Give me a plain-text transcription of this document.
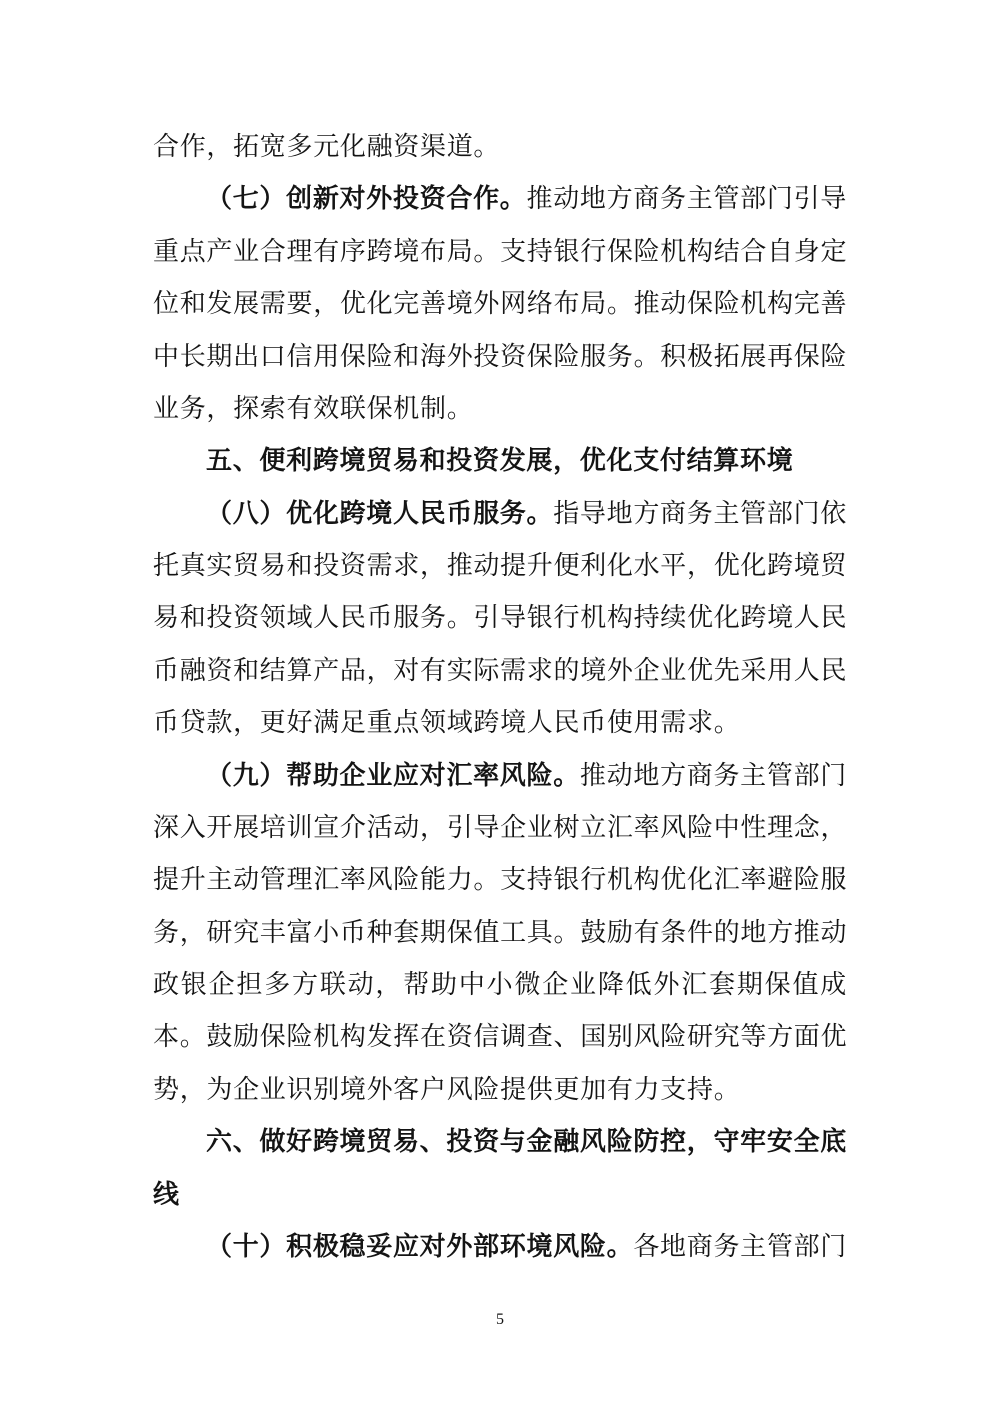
合作，拓宽多元化融资渠道。
（七）创新对外投资合作。推动地方商务主管部门引导
重点产业合理有序跨境布局。支持银行保险机构结合自身定
位和发展需要，优化完善境外网络布局。推动保险机构完善
中长期出口信用保险和海外投资保险服务。积极拓展再保险
业务，探索有效联保机制。
五、便利跨境贸易和投资发展，优化支付结算环境
（八）优化跨境人民币服务。指导地方商务主管部门依
托真实贸易和投资需求，推动提升便利化水平，优化跨境贸
易和投资领域人民币服务。引导银行机构持续优化跨境人民
币融资和结算产品，对有实际需求的境外企业优先采用人民
币贷款，更好满足重点领域跨境人民币使用需求。
（九）帮助企业应对汇率风险。推动地方商务主管部门
深入开展培训宣介活动，引导企业树立汇率风险中性理念，
提升主动管理汇率风险能力。支持银行机构优化汇率避险服
务，研究丰富小币种套期保值工具。鼓励有条件的地方推动
政银企担多方联动，帮助中小微企业降低外汇套期保值成
本。鼓励保险机构发挥在资信调查、国别风险研究等方面优
势，为企业识别境外客户风险提供更加有力支持。
六、做好跨境贸易、投资与金融风险防控，守牢安全底
线
（十）积极稳妥应对外部环境风险。各地商务主管部门
5
